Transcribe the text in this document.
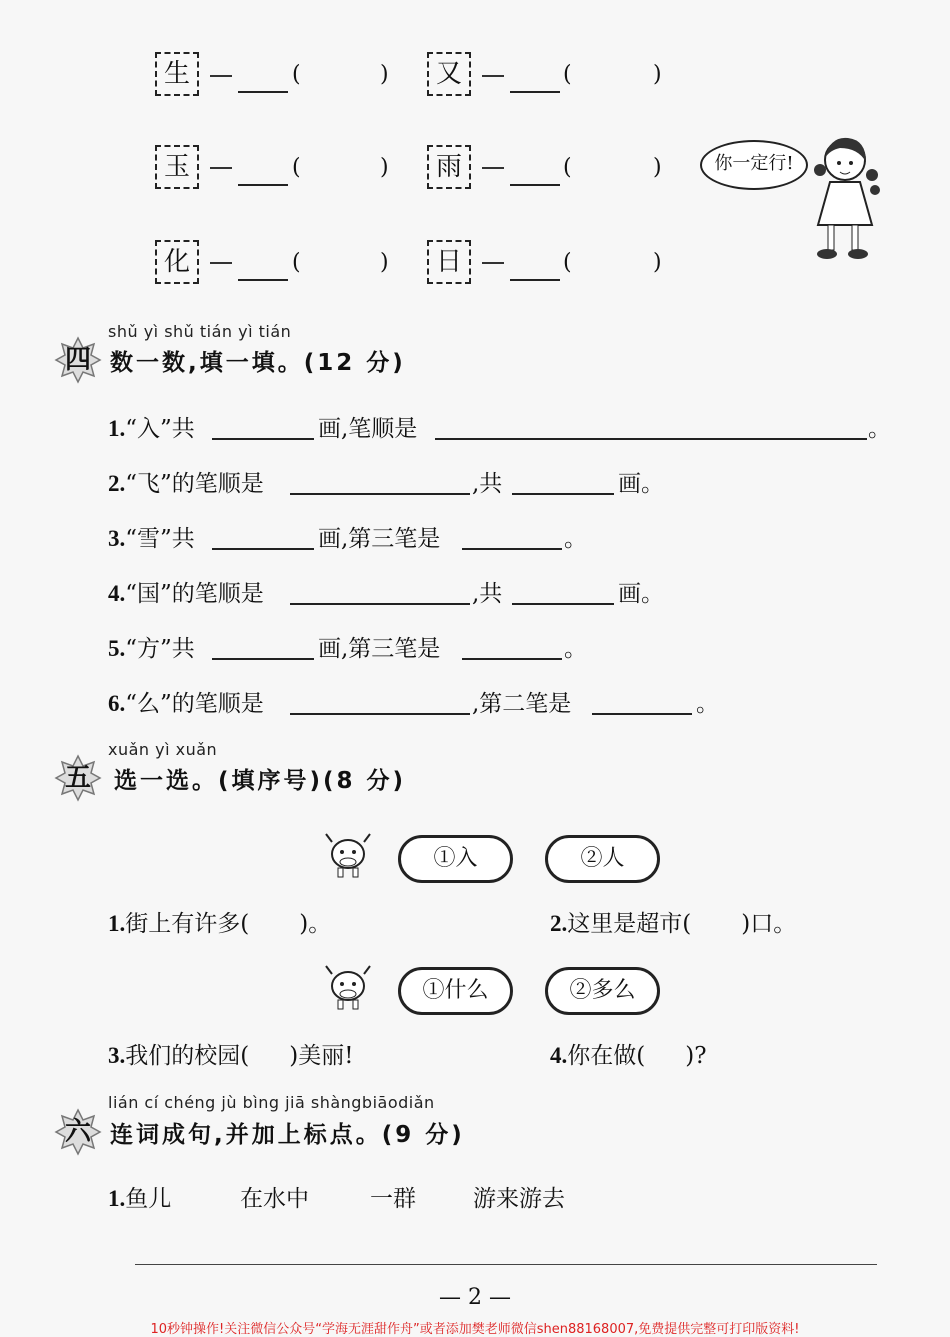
生	(	)	又	(	)
玉	(	)	雨	(	)
化	(	)	日	(	)
你一定行!
shǔ yì shǔ tián yì tián
四 数一数,填一填。(12 分)
1.“入”共	画,笔顺是	。
2.“飞”的笔顺是	,共	画。
3.“雪”共	画,第三笔是	。
4.“国”的笔顺是	,共	画。
5.“方”共	画,第三笔是	。
6.“么”的笔顺是	,第二笔是	。
xuǎn yì xuǎn
五	选一选。(填序号)(8 分)
①入	②人
1.街上有许多( )。	2.这里是超市( )口。
①什么	②多么
3.我们的校园( )美丽!	4.你在做( )?
lián cí chéng jù bìng jiā shàngbiāodiǎn
六 连词成句,并加上标点。(9 分)
1.鱼儿	在水中	一群 游来游去
— 2 —
10秒钟操作!关注微信公众号“学海无涯甜作舟”或者添加樊老师微信shen88168007,免费提供完整可打印版资料!
